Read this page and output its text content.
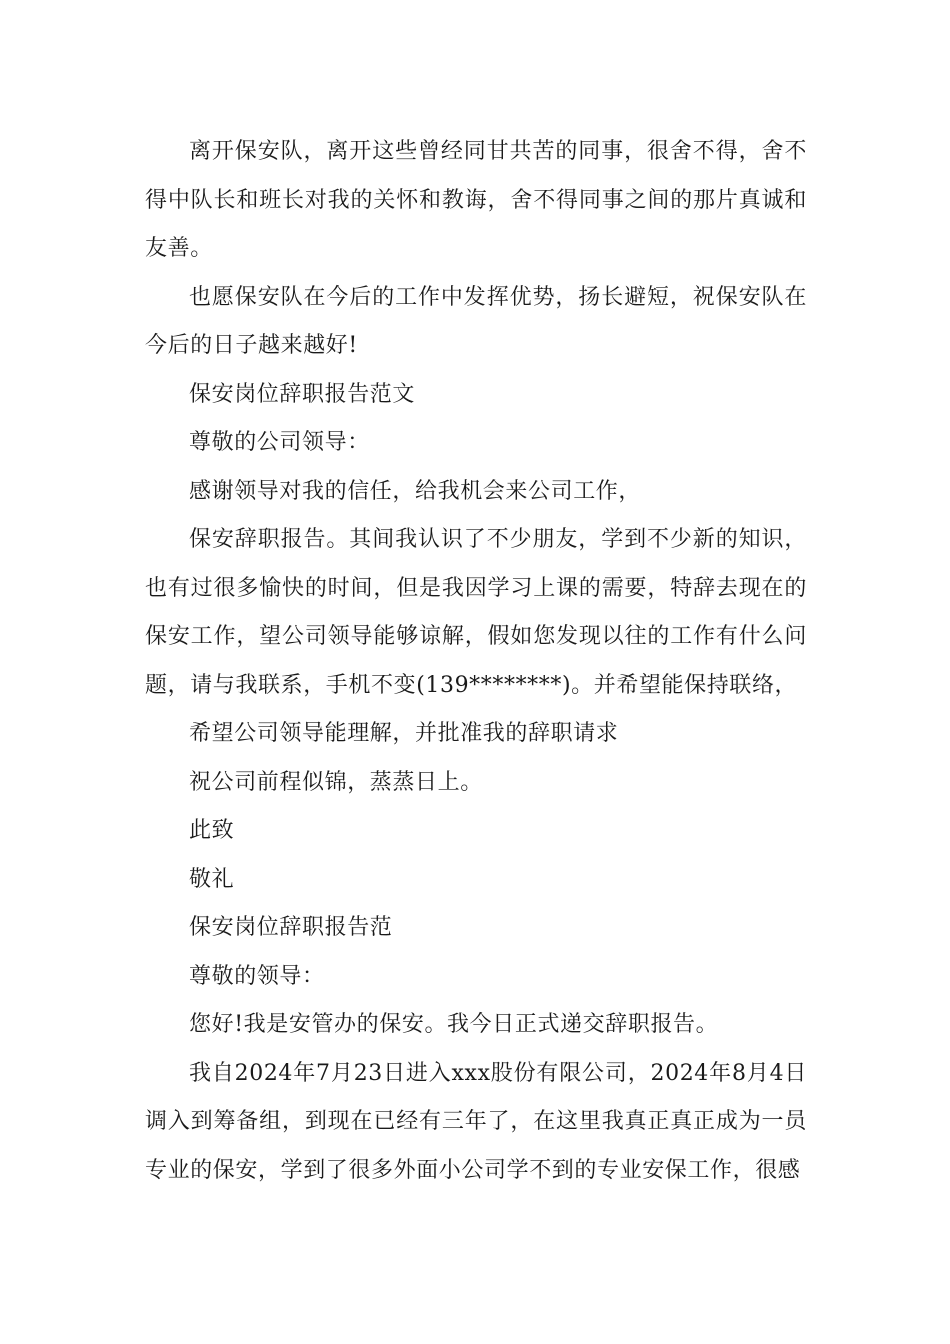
离开保安队，离开这些曾经同甘共苦的同事，很舍不得，舍不得中队长和班长对我的关怀和教诲，舍不得同事之间的那片真诚和友善。

也愿保安队在今后的工作中发挥优势，扬长避短，祝保安队在今后的日子越来越好!

保安岗位辞职报告范文

尊敬的公司领导：

感谢领导对我的信任，给我机会来公司工作，

保安辞职报告。其间我认识了不少朋友，学到不少新的知识，也有过很多愉快的时间，但是我因学习上课的需要，特辞去现在的保安工作，望公司领导能够谅解，假如您发现以往的工作有什么问题，请与我联系，手机不变(139********)。并希望能保持联络，

希望公司领导能理解，并批准我的辞职请求

祝公司前程似锦，蒸蒸日上。

此致

敬礼

保安岗位辞职报告范

尊敬的领导：

您好!我是安管办的保安。我今日正式递交辞职报告。

我自2024年7月23日进入xxx股份有限公司，2024年8月4日调入到筹备组，到现在已经有三年了，在这里我真正真正成为一员专业的保安，学到了很多外面小公司学不到的专业安保工作，很感
